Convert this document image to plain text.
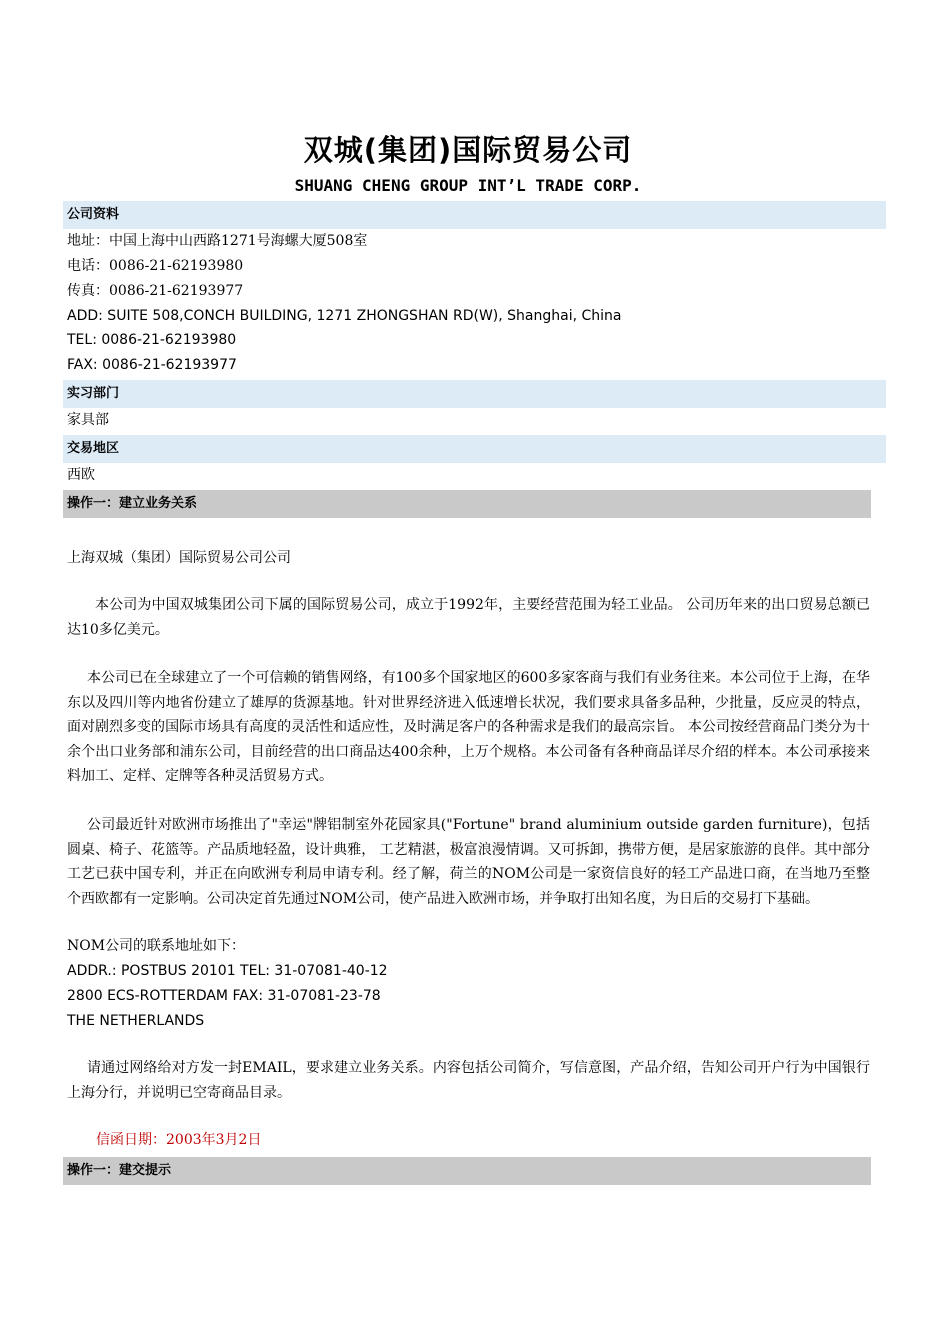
双城(集团)国际贸易公司
SHUANG CHENG GROUP INT’L TRADE CORP.
公司资料
地址：中国上海中山西路1271号海螺大厦508室
电话：0086-21-62193980
传真：0086-21-62193977
ADD: SUITE 508,CONCH BUILDING, 1271 ZHONGSHAN RD(W), Shanghai, China
TEL: 0086-21-62193980
FAX: 0086-21-62193977
实习部门
家具部
交易地区
西欧
操作一：建立业务关系
上海双城（集团）国际贸易公司公司
本公司为中国双城集团公司下属的国际贸易公司，成立于1992年，主要经营范围为轻工业品。 公司历年来的出口贸易总额已达10多亿美元。
本公司已在全球建立了一个可信赖的销售网络，有100多个国家地区的600多家客商与我们有业务往来。本公司位于上海，在华东以及四川等内地省份建立了雄厚的货源基地。针对世界经济进入低速增长状况，我们要求具备多品种，少批量，反应灵的特点，面对剧烈多变的国际市场具有高度的灵活性和适应性，及时满足客户的各种需求是我们的最高宗旨。 本公司按经营商品门类分为十余个出口业务部和浦东公司，目前经营的出口商品达400余种，上万个规格。本公司备有各种商品详尽介绍的样本。本公司承接来料加工、定样、定牌等各种灵活贸易方式。
公司最近针对欧洲市场推出了"幸运"牌铝制室外花园家具("Fortune" brand aluminium outside garden furniture)，包括圆桌、椅子、花篮等。产品质地轻盈，设计典雅， 工艺精湛，极富浪漫情调。又可拆卸，携带方便，是居家旅游的良伴。其中部分工艺已获中国专利，并正在向欧洲专利局申请专利。经了解，荷兰的NOM公司是一家资信良好的轻工产品进口商，在当地乃至整个西欧都有一定影响。公司决定首先通过NOM公司，使产品进入欧洲市场，并争取打出知名度，为日后的交易打下基础。
NOM公司的联系地址如下：
ADDR.: POSTBUS 20101 TEL: 31-07081-40-12
2800 ECS-ROTTERDAM FAX: 31-07081-23-78
THE NETHERLANDS
请通过网络给对方发一封EMAIL，要求建立业务关系。内容包括公司简介，写信意图，产品介绍，告知公司开户行为中国银行上海分行，并说明已空寄商品目录。
信函日期：2003年3月2日
操作一：建交提示
